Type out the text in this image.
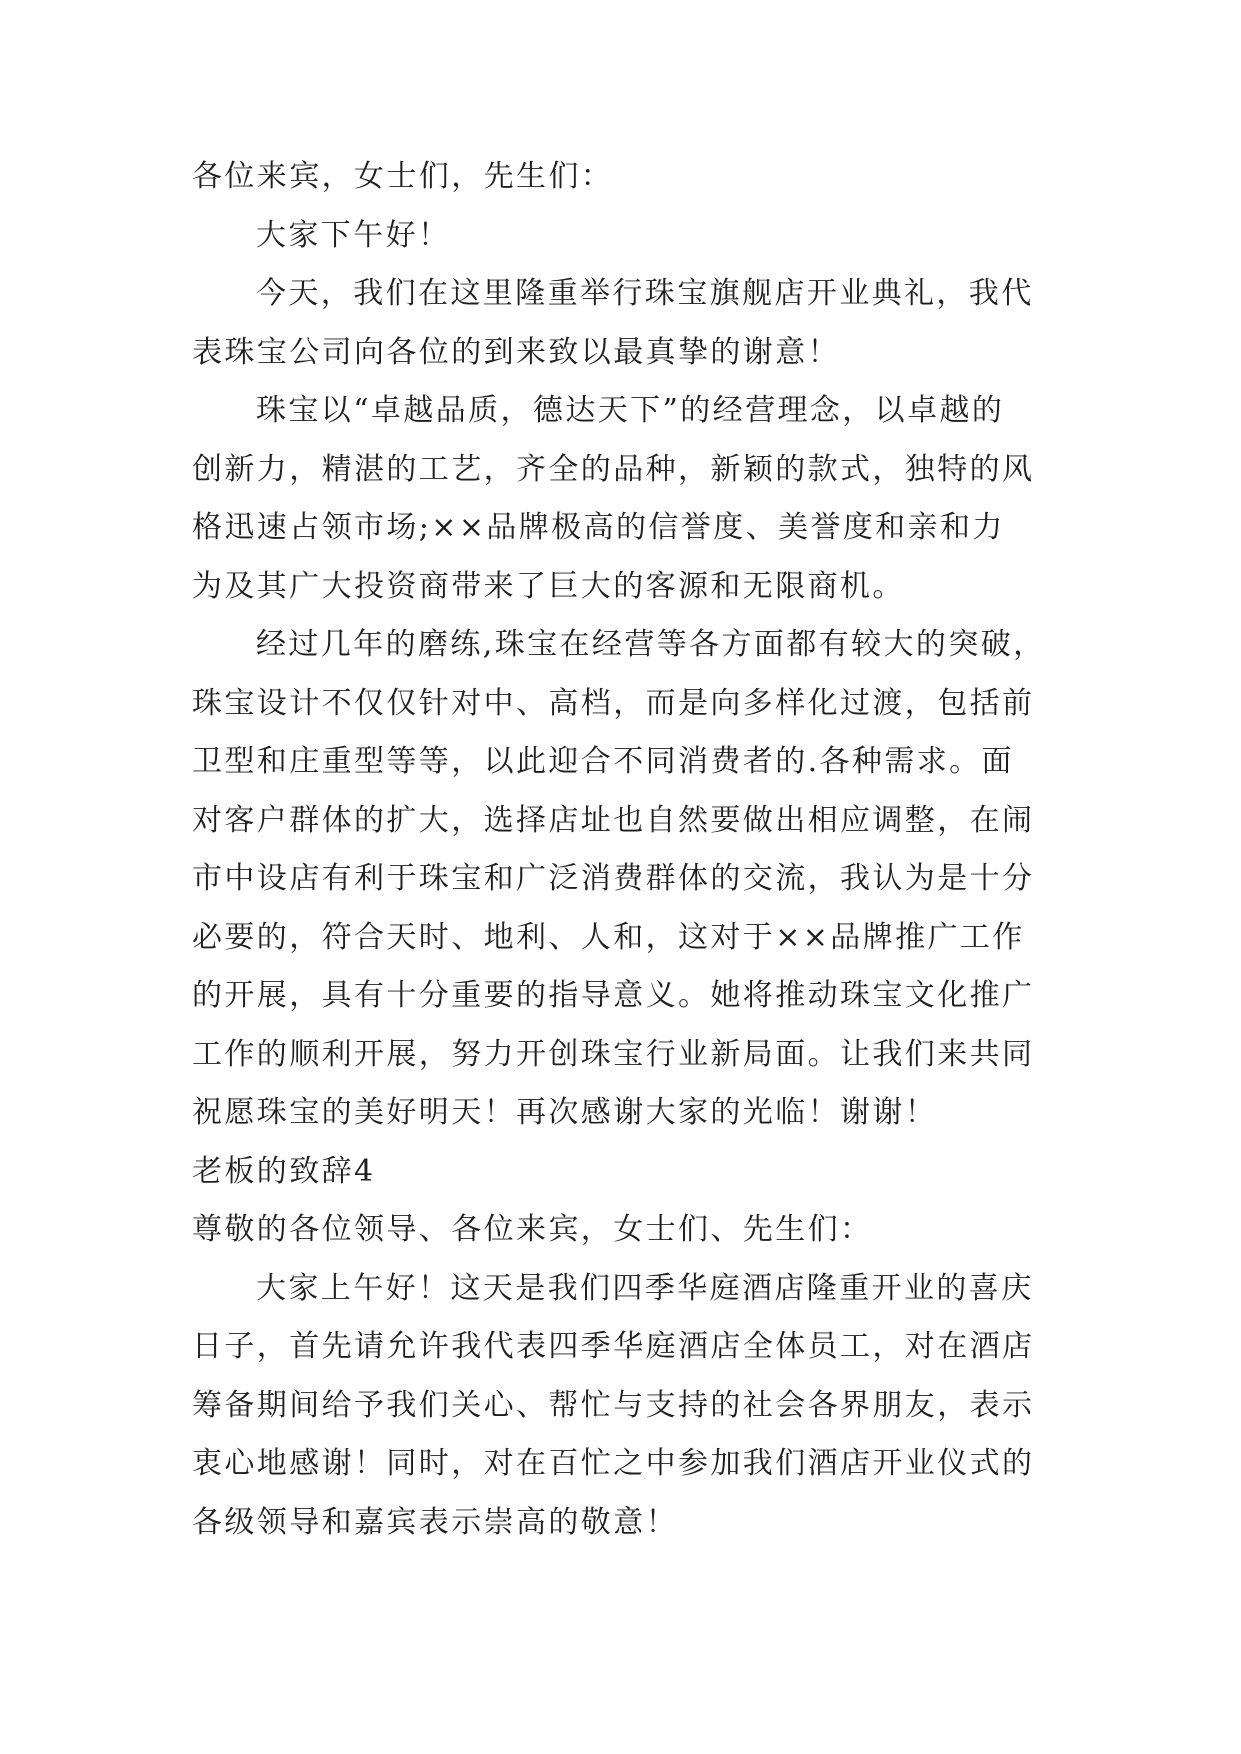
各位来宾，女士们，先生们：
大家下午好！
今天，我们在这里隆重举行珠宝旗舰店开业典礼，我代
表珠宝公司向各位的到来致以最真挚的谢意！
珠宝以“卓越品质，德达天下”的经营理念，以卓越的
创新力，精湛的工艺，齐全的品种，新颖的款式，独特的风
格迅速占领市场;××品牌极高的信誉度、美誉度和亲和力
为及其广大投资商带来了巨大的客源和无限商机。
经过几年的磨练,珠宝在经营等各方面都有较大的突破，
珠宝设计不仅仅针对中、高档，而是向多样化过渡，包括前
卫型和庄重型等等，以此迎合不同消费者的.各种需求。面
对客户群体的扩大，选择店址也自然要做出相应调整，在闹
市中设店有利于珠宝和广泛消费群体的交流，我认为是十分
必要的，符合天时、地利、人和，这对于××品牌推广工作
的开展，具有十分重要的指导意义。她将推动珠宝文化推广
工作的顺利开展，努力开创珠宝行业新局面。让我们来共同
祝愿珠宝的美好明天！再次感谢大家的光临！谢谢！
老板的致辞4
尊敬的各位领导、各位来宾，女士们、先生们：
大家上午好！这天是我们四季华庭酒店隆重开业的喜庆
日子，首先请允许我代表四季华庭酒店全体员工，对在酒店
筹备期间给予我们关心、帮忙与支持的社会各界朋友，表示
衷心地感谢！同时，对在百忙之中参加我们酒店开业仪式的
各级领导和嘉宾表示崇高的敬意！
